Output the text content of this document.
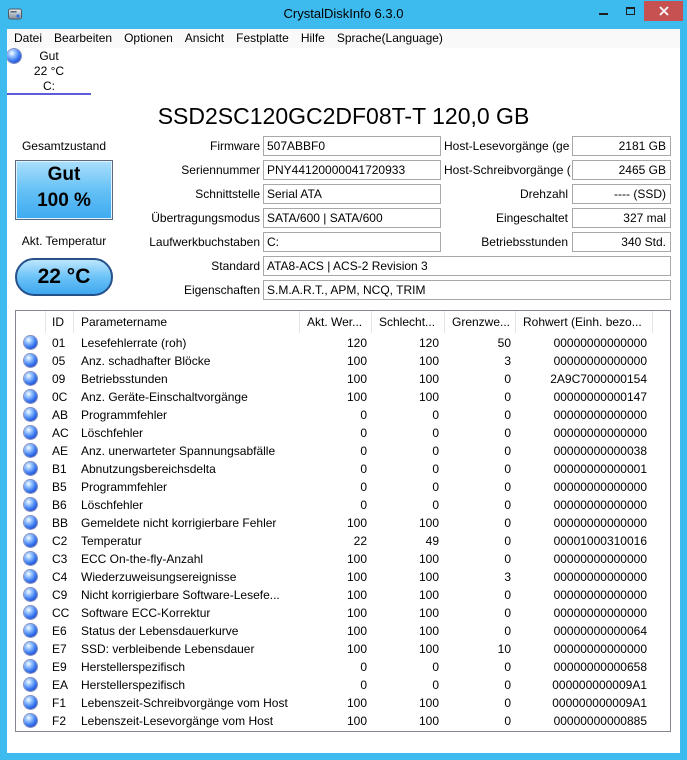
CrystalDiskInfo 6.3.0
Datei	Bearbeiten	Optionen	Ansicht	Festplatte	Hilfe	Sprache(Language)
Gut
22 °C
C:
SSD2SC120GC2DF08T-T 120,0 GB
Gesamtzustand
Gut
100 %
Akt. Temperatur
22 °C
Firmware 507ABBF0	Host-Lesevorgänge (ge	2181 GB
Seriennummer PNY44120000041720933	Host-Schreibvorgänge (	2465 GB
Schnittstelle Serial ATA	Drehzahl	---- (SSD)
Übertragungsmodus SATA/600 | SATA/600	Eingeschaltet	327 mal
Laufwerkbuchstaben C:	Betriebsstunden	340 Std.
Standard ATA8-ACS | ACS-2 Revision 3
Eigenschaften S.M.A.R.T., APM, NCQ, TRIM
ID	Parametername	Akt. Wer...	Schlecht...	Grenzwe...	Rohwert (Einh. bezo...
01	Lesefehlerrate (roh)	120	120	50	00000000000000
05	Anz. schadhafter Blöcke	100	100	3	00000000000000
09	Betriebsstunden	100	100	0	2A9C7000000154
0C	Anz. Geräte-Einschaltvorgänge	100	100	0	00000000000147
AB	Programmfehler	0	0	0	00000000000000
AC	Löschfehler	0	0	0	00000000000000
AE	Anz. unerwarteter Spannungsabfälle	0	0	0	00000000000038
B1	Abnutzungsbereichsdelta	0	0	0	00000000000001
B5	Programmfehler	0	0	0	00000000000000
B6	Löschfehler	0	0	0	00000000000000
BB	Gemeldete nicht korrigierbare Fehler	100	100	0	00000000000000
C2	Temperatur	22	49	0	00001000310016
C3	ECC On-the-fly-Anzahl	100	100	0	00000000000000
C4	Wiederzuweisungsereignisse	100	100	3	00000000000000
C9	Nicht korrigierbare Software-Lesefe...	100	100	0	00000000000000
CC Software ECC-Korrektur	100	100	0	00000000000000
E6	Status der Lebensdauerkurve	100	100	0	00000000000064
E7	SSD: verbleibende Lebensdauer	100	100	10	00000000000000
E9	Herstellerspezifisch	0	0	0	00000000000658
EA	Herstellerspezifisch	0	0	0	000000000009A1
F1	Lebenszeit-Schreibvorgänge vom Host	100	100	0	000000000009A1
F2	Lebenszeit-Lesevorgänge vom Host	100	100	0	00000000000885
